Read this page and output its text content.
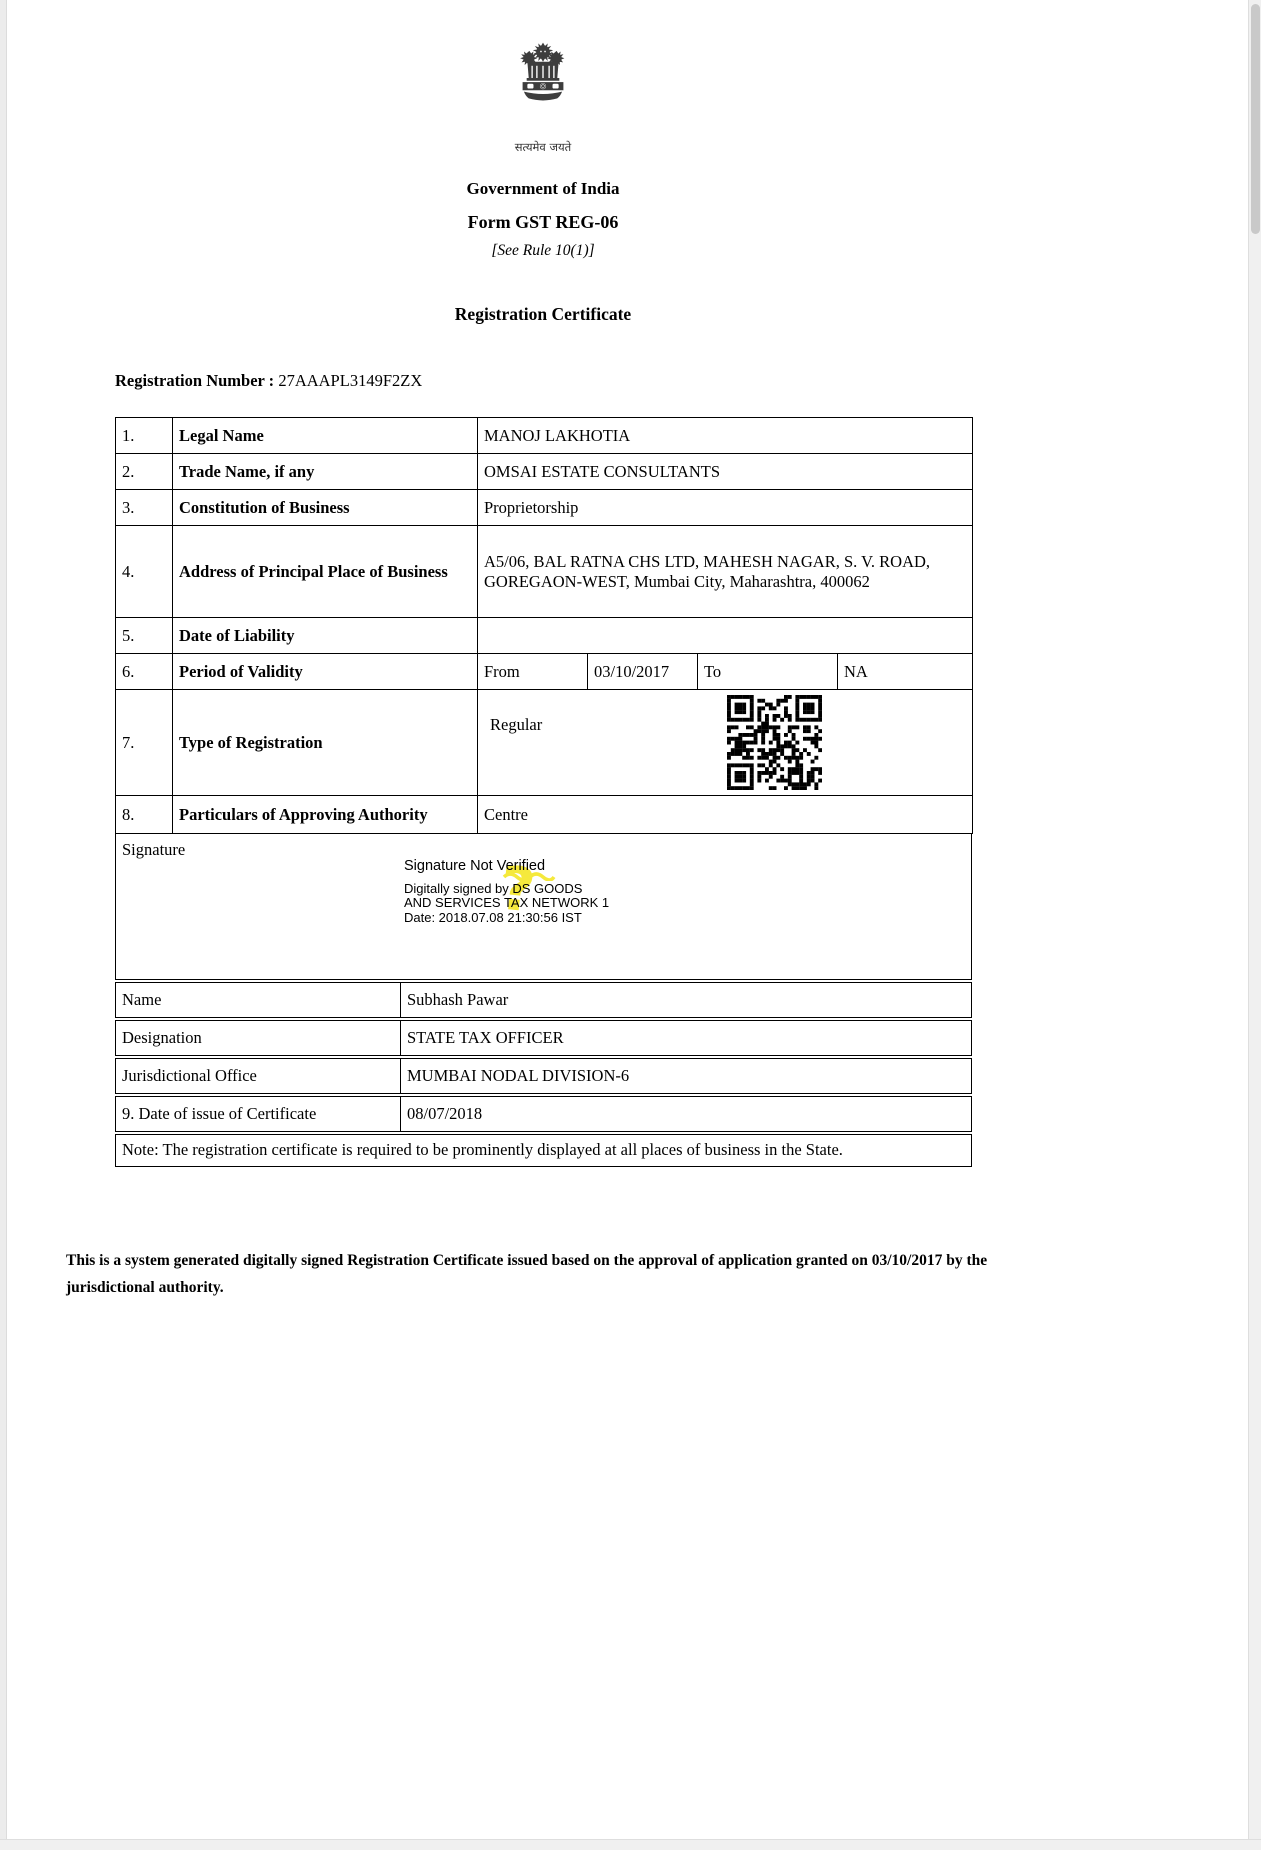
सत्यमेव जयते
Government of India
Form GST REG-06
[See Rule 10(1)]
Registration Certificate
Registration Number : 27AAAPL3149F2ZX
1.	Legal Name	MANOJ LAKHOTIA			
2.	Trade Name, if any	OMSAI ESTATE CONSULTANTS			
3.	Constitution of Business	Proprietorship			
4.	Address of Principal Place of Business	A5/06, BAL RATNA CHS LTD, MAHESH NAGAR, S. V. ROAD, GOREGAON-WEST, Mumbai City, Maharashtra, 400062			
5.	Date of Liability				
6.	Period of Validity	From	03/10/2017	To	NA
7.	Type of Registration	Regular			

8.	Particulars of Approving Authority	Centre			
Signature
?
Signature Not Verified
Digitally signed by DS GOODS
AND SERVICES TAX NETWORK 1
Date: 2018.07.08 21:30:56 IST
Name	Subhash Pawar
Designation	STATE TAX OFFICER
Jurisdictional Office	MUMBAI NODAL DIVISION-6
9. Date of issue of Certificate	08/07/2018
Note: The registration certificate is required to be prominently displayed at all places of business in the State.
This is a system generated digitally signed Registration Certificate issued based on the approval of application granted on 03/10/2017 by the jurisdictional authority.
